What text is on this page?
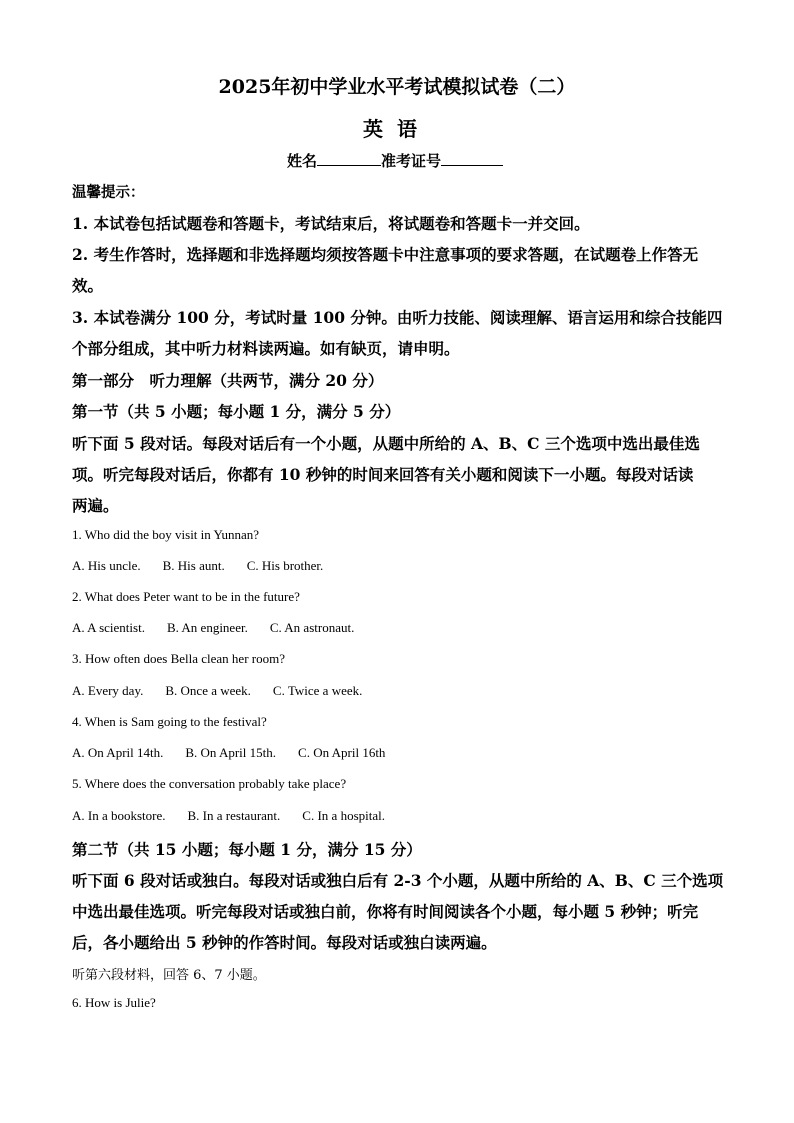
2025年初中学业水平考试模拟试卷（二）
英语
姓名	准考证号
温馨提示：
1. 本试卷包括试题卷和答题卡，考试结束后，将试题卷和答题卡一并交回。
2. 考生作答时，选择题和非选择题均须按答题卡中注意事项的要求答题，在试题卷上作答无
效。
3. 本试卷满分 100 分，考试时量 100 分钟。由听力技能、阅读理解、语言运用和综合技能四
个部分组成，其中听力材料读两遍。如有缺页，请申明。
第一部分　听力理解（共两节，满分 20 分）
第一节（共 5 小题；每小题 1 分，满分 5 分）
听下面 5 段对话。每段对话后有一个小题，从题中所给的 A、B、C 三个选项中选出最佳选
项。听完每段对话后，你都有 10 秒钟的时间来回答有关小题和阅读下一小题。每段对话读
两遍。
1. Who did the boy visit in Yunnan?
A. His uncle. B. His aunt. C. His brother.
2. What does Peter want to be in the future?
A. A scientist. B. An engineer. C. An astronaut.
3. How often does Bella clean her room?
A. Every day. B. Once a week. C. Twice a week.
4. When is Sam going to the festival?
A. On April 14th. B. On April 15th. C. On April 16th
5. Where does the conversation probably take place?
A. In a bookstore. B. In a restaurant. C. In a hospital.
第二节（共 15 小题；每小题 1 分，满分 15 分）
听下面 6 段对话或独白。每段对话或独白后有 2-3 个小题，从题中所给的 A、B、C 三个选项
中选出最佳选项。听完每段对话或独白前，你将有时间阅读各个小题，每小题 5 秒钟；听完
后，各小题给出 5 秒钟的作答时间。每段对话或独白读两遍。
听第六段材料，回答 6、7 小题。
6. How is Julie?
